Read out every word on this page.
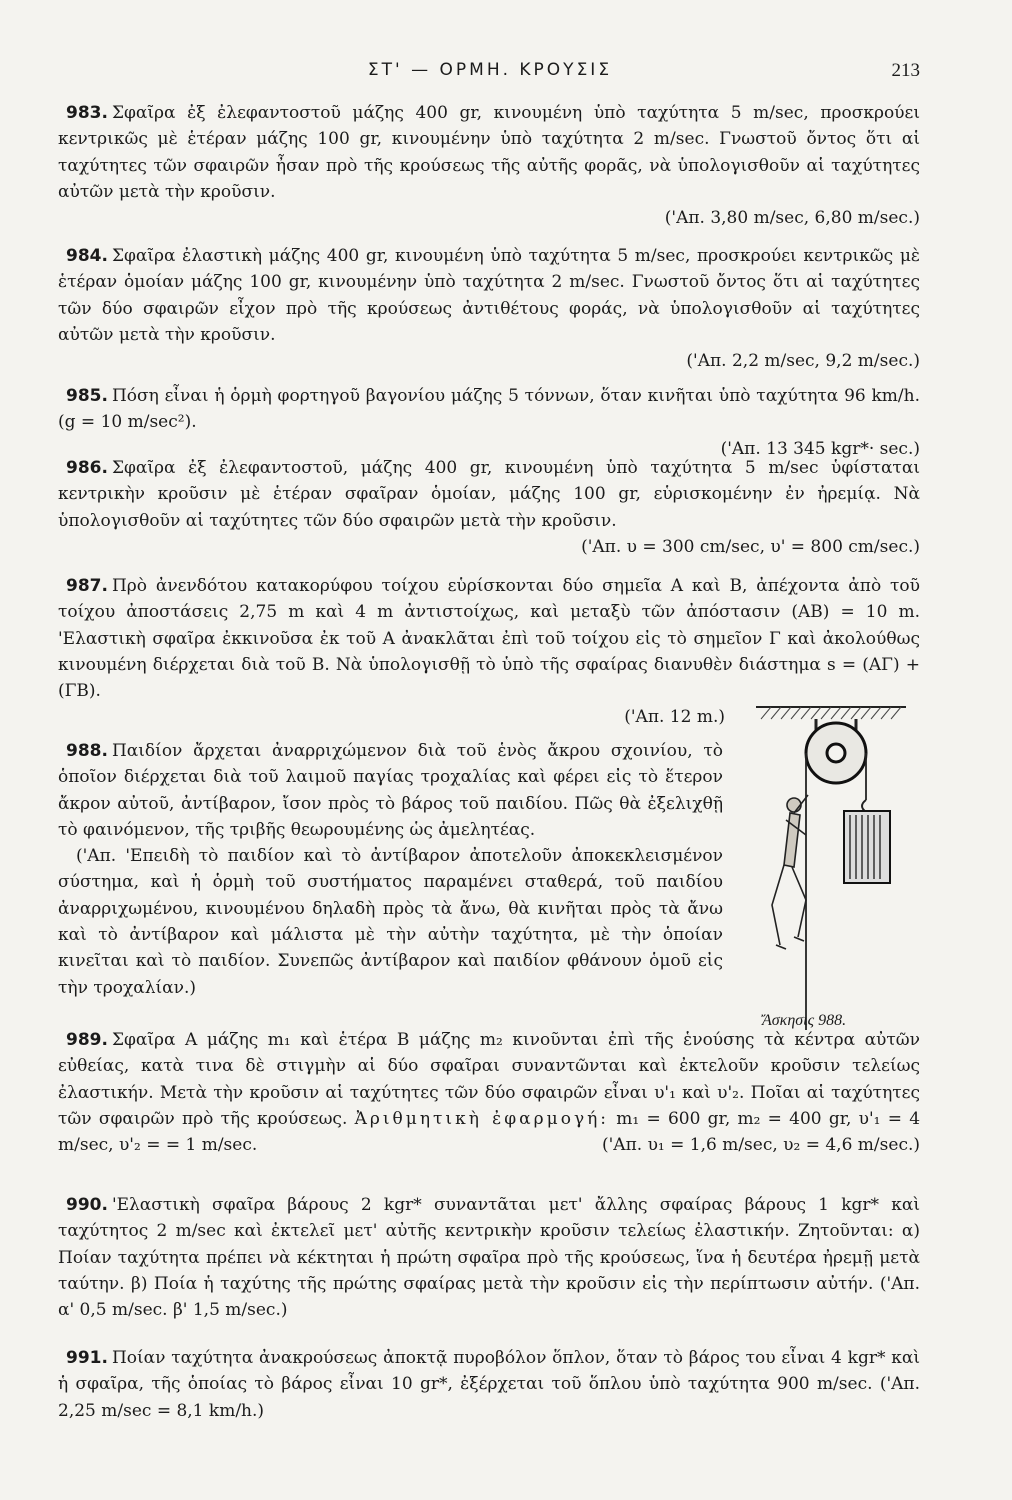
ΣΤ' — ΟΡΜΗ. ΚΡΟΥΣΙΣ	213

983. Σφαῖρα ἐξ ἐλεφαντοστοῦ μάζης 400 gr, κινουμένη ὑπὸ ταχύτητα 5 m/sec, προσκρούει κεντρικῶς μὲ ἑτέραν μάζης 100 gr, κινουμένην ὑπὸ ταχύτητα 2 m/sec. Γνωστοῦ ὄντος ὅτι αἱ ταχύτητες τῶν σφαιρῶν ἦσαν πρὸ τῆς κρούσεως τῆς αὐτῆς φορᾶς, νὰ ὑπολογισθοῦν αἱ ταχύτητες αὐτῶν μετὰ τὴν κροῦσιν.
('Απ. 3,80 m/sec, 6,80 m/sec.)

984. Σφαῖρα ἐλαστικὴ μάζης 400 gr, κινουμένη ὑπὸ ταχύτητα 5 m/sec, προσκρούει κεντρικῶς μὲ ἑτέραν ὁμοίαν μάζης 100 gr, κινουμένην ὑπὸ ταχύτητα 2 m/sec. Γνωστοῦ ὄντος ὅτι αἱ ταχύτητες τῶν δύο σφαιρῶν εἶχον πρὸ τῆς κρούσεως ἀντιθέτους φοράς, νὰ ὑπολογισθοῦν αἱ ταχύτητες αὐτῶν μετὰ τὴν κροῦσιν.
('Απ. 2,2 m/sec, 9,2 m/sec.)

985. Πόση εἶναι ἡ ὁρμὴ φορτηγοῦ βαγονίου μάζης 5 τόννων, ὅταν κινῆται ὑπὸ ταχύτητα 96 km/h. (g = 10 m/sec²).
('Απ. 13 345 kgr*· sec.)

986. Σφαῖρα ἐξ ἐλεφαντοστοῦ, μάζης 400 gr, κινουμένη ὑπὸ ταχύτητα 5 m/sec ὑφίσταται κεντρικὴν κροῦσιν μὲ ἑτέραν σφαῖραν ὁμοίαν, μάζης 100 gr, εὑρισκομένην ἐν ἠρεμίᾳ. Νὰ ὑπολογισθοῦν αἱ ταχύτητες τῶν δύο σφαιρῶν μετὰ τὴν κροῦσιν.
('Απ. υ = 300 cm/sec, υ' = 800 cm/sec.)

987. Πρὸ ἀνενδότου κατακορύφου τοίχου εὑρίσκονται δύο σημεῖα Α καὶ Β, ἀπέχοντα ἀπὸ τοῦ τοίχου ἀποστάσεις 2,75 m καὶ 4 m ἀντιστοίχως, καὶ μεταξὺ τῶν ἀπόστασιν (ΑΒ) = 10 m. 'Ελαστικὴ σφαῖρα ἐκκινοῦσα ἐκ τοῦ Α ἀνακλᾶται ἐπὶ τοῦ τοίχου εἰς τὸ σημεῖον Γ καὶ ἀκολούθως κινουμένη διέρχεται διὰ τοῦ Β. Νὰ ὑπολογισθῇ τὸ ὑπὸ τῆς σφαίρας διανυθὲν διάστημα s = (ΑΓ) + (ΓΒ).
('Απ. 12 m.)

988. Παιδίον ἄρχεται ἀναρριχώμενον διὰ τοῦ ἑνὸς ἄκρου σχοινίου, τὸ ὁποῖον διέρχεται διὰ τοῦ λαιμοῦ παγίας τροχαλίας καὶ φέρει εἰς τὸ ἕτερον ἄκρον αὐτοῦ, ἀντίβαρον, ἴσον πρὸς τὸ βάρος τοῦ παιδίου. Πῶς θὰ ἐξελιχθῇ τὸ φαινόμενον, τῆς τριβῆς θεωρουμένης ὡς ἀμελητέας.
('Απ. 'Επειδὴ τὸ παιδίον καὶ τὸ ἀντίβαρον ἀποτελοῦν ἀποκεκλεισμένον σύστημα, καὶ ἡ ὁρμὴ τοῦ συστήματος παραμένει σταθερά, τοῦ παιδίου ἀναρριχωμένου, κινουμένου δηλαδὴ πρὸς τὰ ἄνω, θὰ κινῆται πρὸς τὰ ἄνω καὶ τὸ ἀντίβαρον καὶ μάλιστα μὲ τὴν αὐτὴν ταχύτητα, μὲ τὴν ὁποίαν κινεῖται καὶ τὸ παιδίον. Συνεπῶς ἀντίβαρον καὶ παιδίον φθάνουν ὁμοῦ εἰς τὴν τροχαλίαν.)

Ἄσκησις 988.

989. Σφαῖρα Α μάζης m₁ καὶ ἑτέρα Β μάζης m₂ κινοῦνται ἐπὶ τῆς ἑνούσης τὰ κέντρα αὐτῶν εὐθείας, κατὰ τινα δὲ στιγμὴν αἱ δύο σφαῖραι συναντῶνται καὶ ἐκτελοῦν κροῦσιν τελείως ἐλαστικήν. Μετὰ τὴν κροῦσιν αἱ ταχύτητες τῶν δύο σφαιρῶν εἶναι υ'₁ καὶ υ'₂. Ποῖαι αἱ ταχύτητες τῶν σφαιρῶν πρὸ τῆς κρούσεως. Ἀριθμητικὴ ἐφαρμογή: m₁ = 600 gr, m₂ = 400 gr, υ'₁ = 4 m/sec, υ'₂ = = 1 m/sec.	('Απ. υ₁ = 1,6 m/sec, υ₂ = 4,6 m/sec.)

990. 'Ελαστικὴ σφαῖρα βάρους 2 kgr* συναντᾶται μετ' ἄλλης σφαίρας βάρους 1 kgr* καὶ ταχύτητος 2 m/sec καὶ ἐκτελεῖ μετ' αὐτῆς κεντρικὴν κροῦσιν τελείως ἐλαστικήν. Ζητοῦνται: α) Ποίαν ταχύτητα πρέπει νὰ κέκτηται ἡ πρώτη σφαῖρα πρὸ τῆς κρούσεως, ἵνα ἡ δευτέρα ἠρεμῇ μετὰ ταύτην. β) Ποία ἡ ταχύτης τῆς πρώτης σφαίρας μετὰ τὴν κροῦσιν εἰς τὴν περίπτωσιν αὐτήν. ('Απ. α' 0,5 m/sec. β' 1,5 m/sec.)

991. Ποίαν ταχύτητα ἀνακρούσεως ἀποκτᾷ πυροβόλον ὅπλον, ὅταν τὸ βάρος του εἶναι 4 kgr* καὶ ἡ σφαῖρα, τῆς ὁποίας τὸ βάρος εἶναι 10 gr*, ἐξέρχεται τοῦ ὅπλου ὑπὸ ταχύτητα 900 m/sec. ('Απ. 2,25 m/sec = 8,1 km/h.)
